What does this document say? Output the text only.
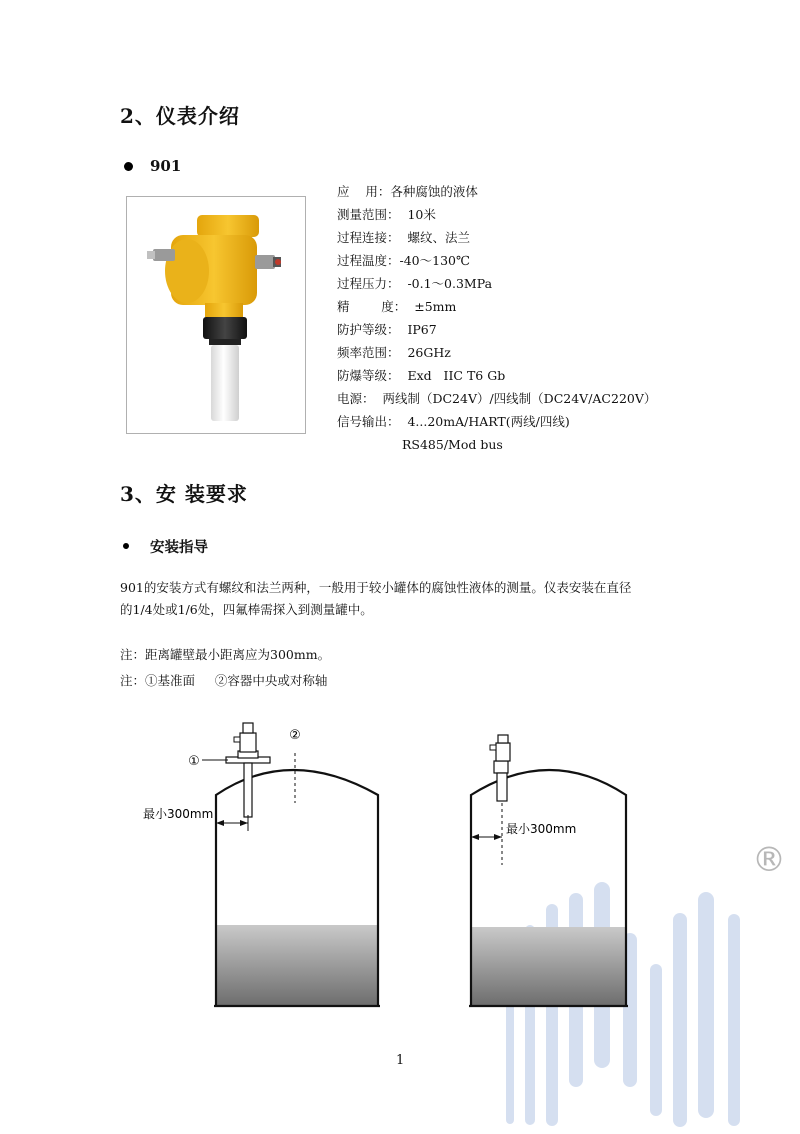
2、仪表介绍
901
应    用：各种腐蚀的液体
测量范围：  10米
过程连接：  螺纹、法兰
过程温度：-40～130℃
过程压力：  -0.1～0.3MPa
精        度：  ±5mm
防护等级：  IP67
频率范围：  26GHz
防爆等级：  Exd   IIC T6 Gb
电源：  两线制（DC24V）/四线制（DC24V/AC220V）
信号输出：  4...20mA/HART(两线/四线)
RS485/Mod bus
3、安 装要求
安装指导
901的安装方式有螺纹和法兰两种，一般用于较小罐体的腐蚀性液体的测量。仪表安装在直径
的1/4处或1/6处，四氟棒需探入到测量罐中。
注：距离罐壁最小距离应为300mm。
注：①基准面     ②容器中央或对称轴
®
①
②
最小300mm
最小300mm
1
